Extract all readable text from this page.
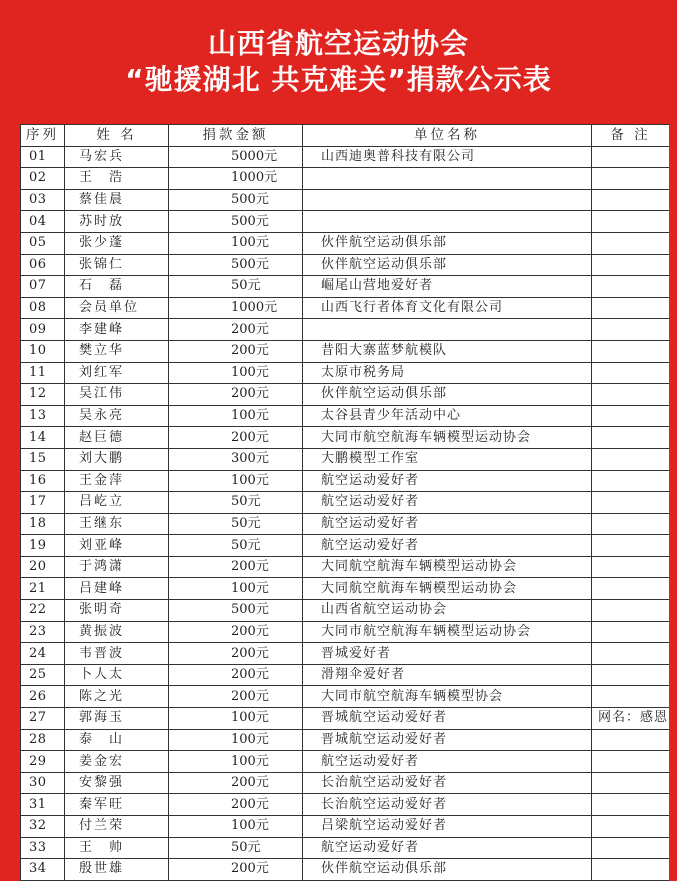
山西省航空运动协会
“驰援湖北 共克难关”捐款公示表
序列	姓 名	捐款金额	单位名称	备 注
01	马宏兵	5000元	山西迪奥普科技有限公司	
02	王　浩	1000元		
03	蔡佳晨	500元		
04	苏时放	500元		
05	张少蓬	100元	伙伴航空运动俱乐部	
06	张锦仁	500元	伙伴航空运动俱乐部	
07	石　磊	50元	崛尾山营地爱好者	
08	会员单位	1000元	山西飞行者体育文化有限公司	
09	李建峰	200元		
10	樊立华	200元	昔阳大寨蓝梦航模队	
11	刘红军	100元	太原市税务局	
12	吴江伟	200元	伙伴航空运动俱乐部	
13	吴永亮	100元	太谷县青少年活动中心	
14	赵巨德	200元	大同市航空航海车辆模型运动协会	
15	刘大鹏	300元	大鹏模型工作室	
16	王金萍	100元	航空运动爱好者	
17	吕屹立	50元	航空运动爱好者	
18	王继东	50元	航空运动爱好者	
19	刘亚峰	50元	航空运动爱好者	
20	于鸿潇	200元	大同航空航海车辆模型运动协会	
21	吕建峰	100元	大同航空航海车辆模型运动协会	
22	张明奇	500元	山西省航空运动协会	
23	黄振波	200元	大同市航空航海车辆模型运动协会	
24	韦晋波	200元	晋城爱好者	
25	卜人太	200元	滑翔伞爱好者	
26	陈之光	200元	大同市航空航海车辆模型协会	
27	郭海玉	100元	晋城航空运动爱好者	网名：感恩
28	泰　山	100元	晋城航空运动爱好者	
29	姜金宏	100元	航空运动爱好者	
30	安黎强	200元	长治航空运动爱好者	
31	秦军旺	200元	长治航空运动爱好者	
32	付兰荣	100元	吕梁航空运动爱好者	
33	王　帅	50元	航空运动爱好者	
34	殷世雄	200元	伙伴航空运动俱乐部	
